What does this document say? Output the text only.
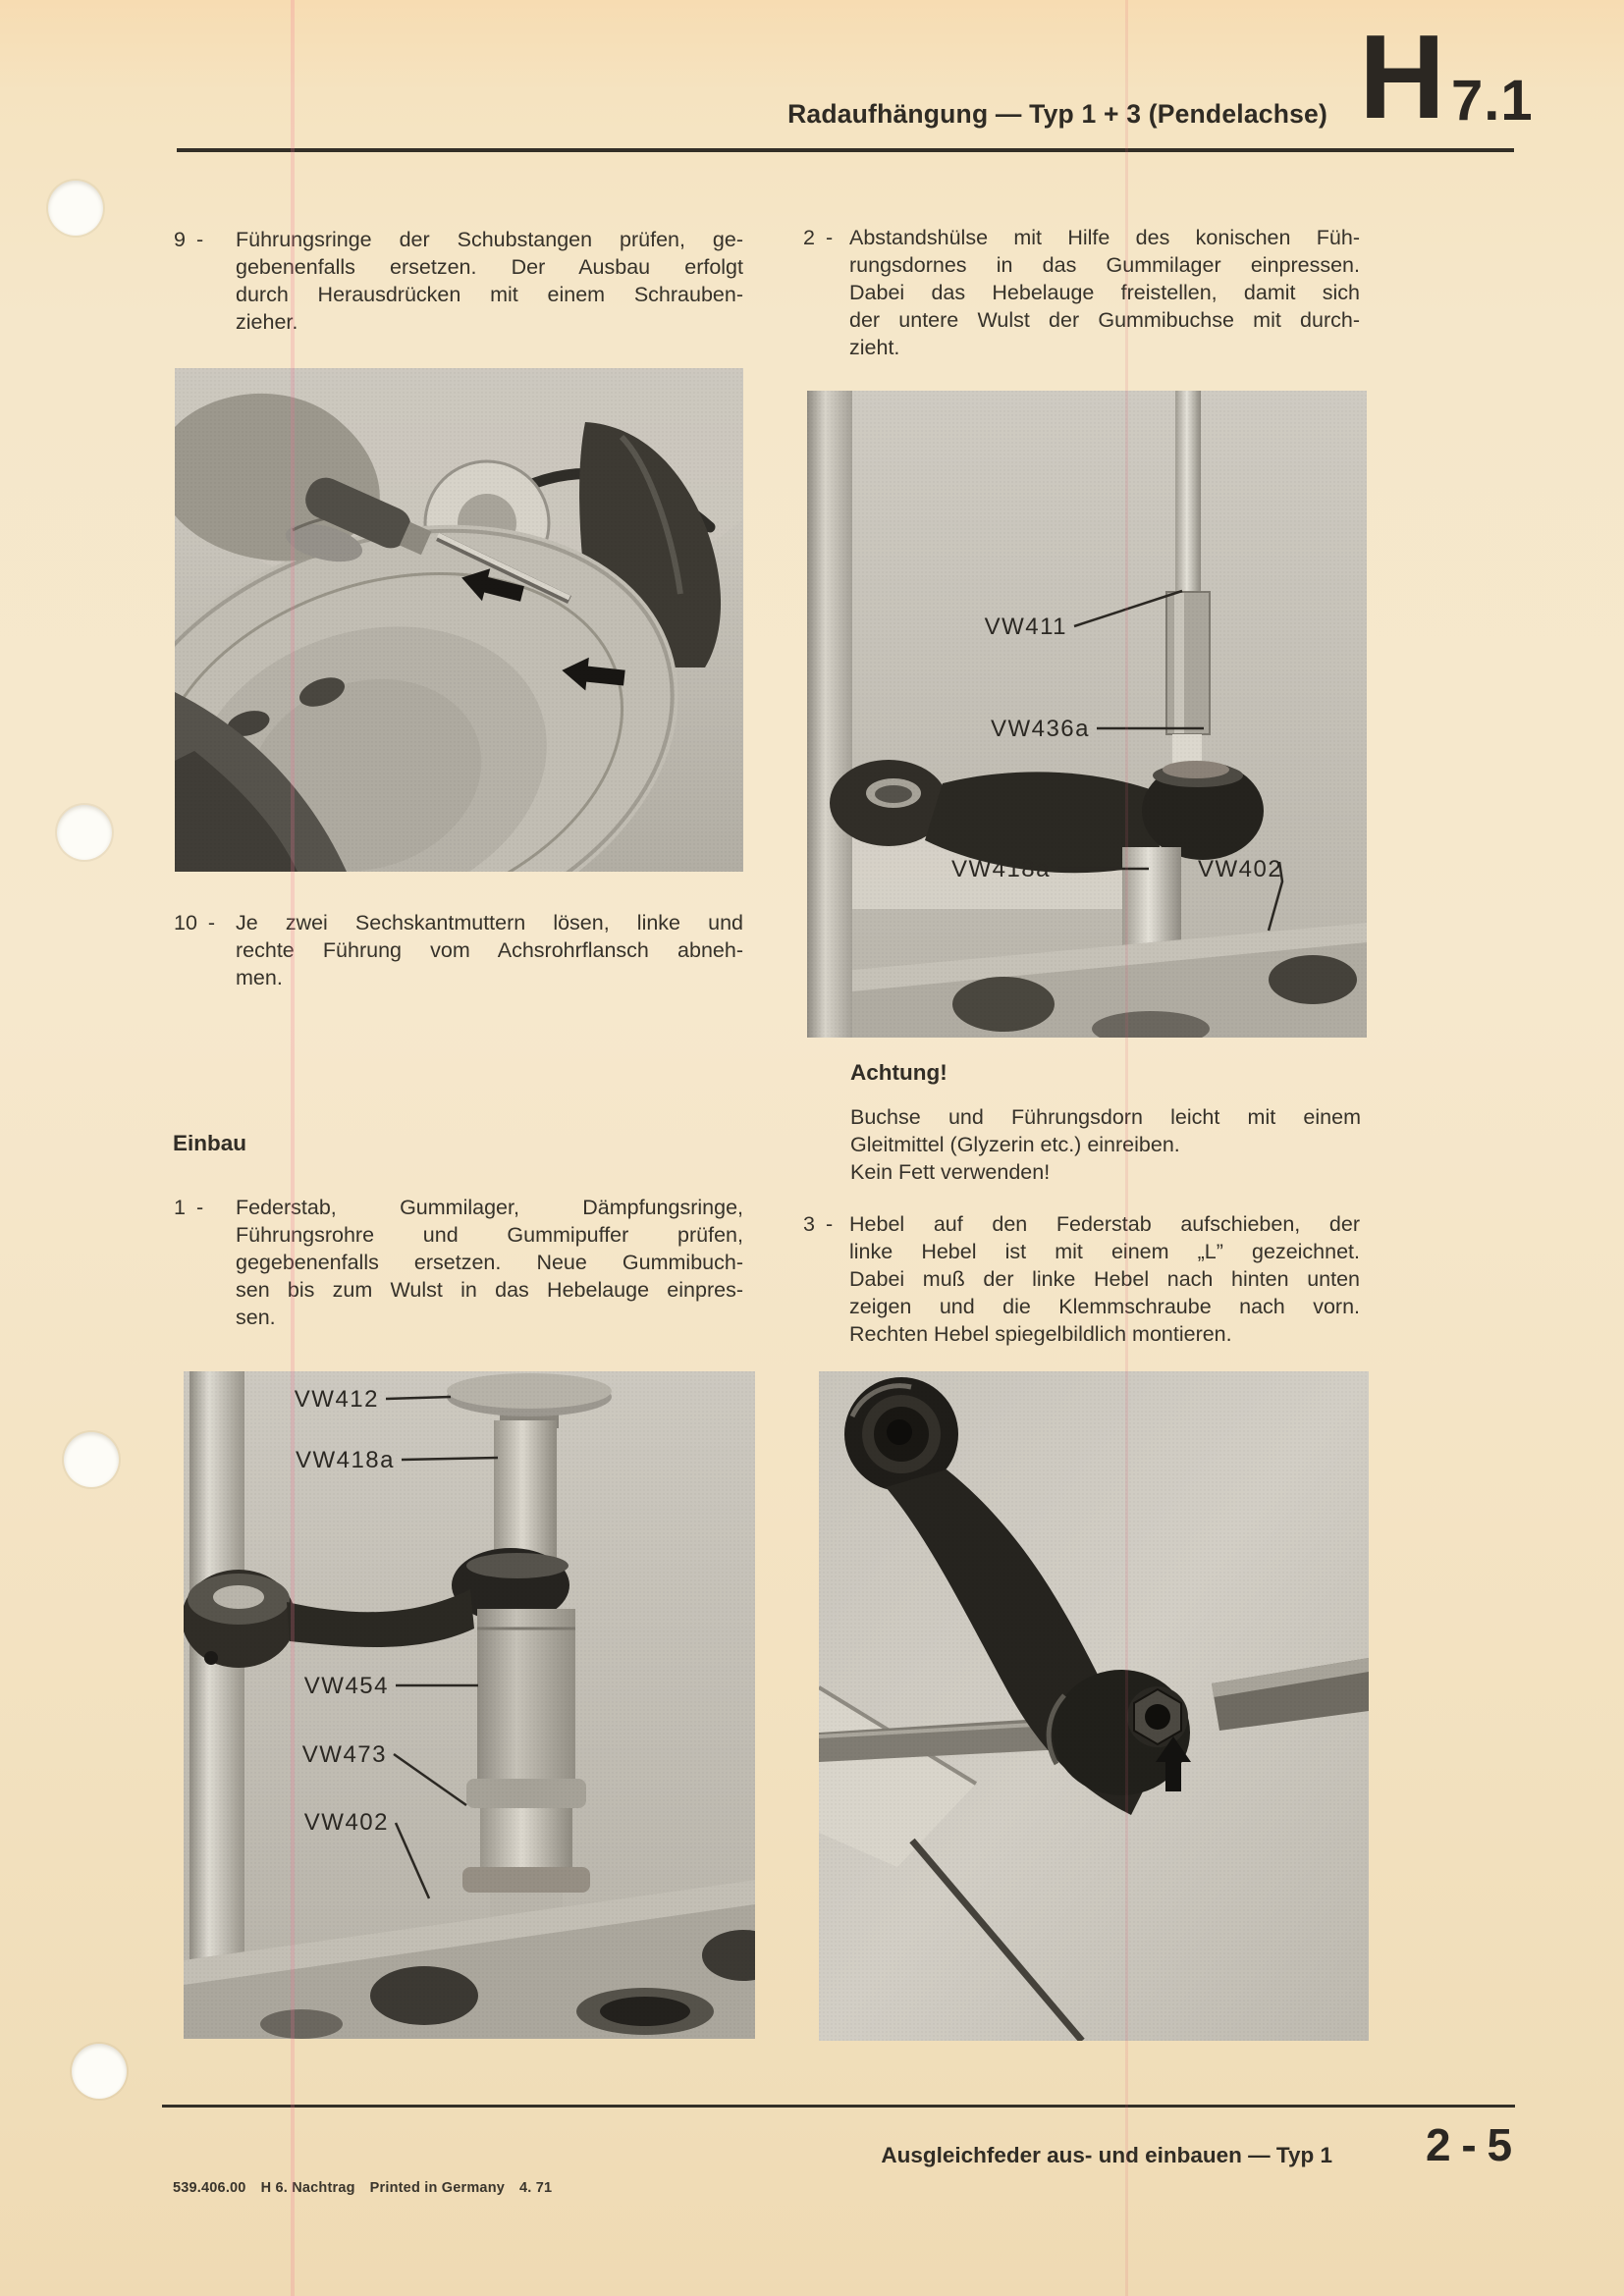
Radaufhängung — Typ 1 + 3 (Pendelachse) H 7.1
9 - Führungsringe der Schubstangen prüfen, ge-
gebenenfalls ersetzen. Der Ausbau erfolgt
durch Herausdrücken mit einem Schrauben-
zieher.
10 - Je zwei Sechskantmuttern lösen, linke und
rechte Führung vom Achsrohrflansch abneh-
men.
Einbau
1 - Federstab, Gummilager, Dämpfungsringe,
Führungsrohre und Gummipuffer prüfen,
gegebenenfalls ersetzen. Neue Gummibuch-
sen bis zum Wulst in das Hebelauge einpres-
sen.
2 - Abstandshülse mit Hilfe des konischen Füh-
rungsdornes in das Gummilager einpressen.
Dabei das Hebelauge freistellen, damit sich
der untere Wulst der Gummibuchse mit durch-
zieht.
Achtung!
Buchse und Führungsdorn leicht mit einem
Gleitmittel (Glyzerin etc.) einreiben.
Kein Fett verwenden!
3 - Hebel auf den Federstab aufschieben, der
linke Hebel ist mit einem „L” gezeichnet.
Dabei muß der linke Hebel nach hinten unten
zeigen und die Klemmschraube nach vorn.
Rechten Hebel spiegelbildlich montieren.
539.406.00 H 6. Nachtrag Printed in Germany 4. 71
Ausgleichfeder aus- und einbauen — Typ 1 2 - 5
